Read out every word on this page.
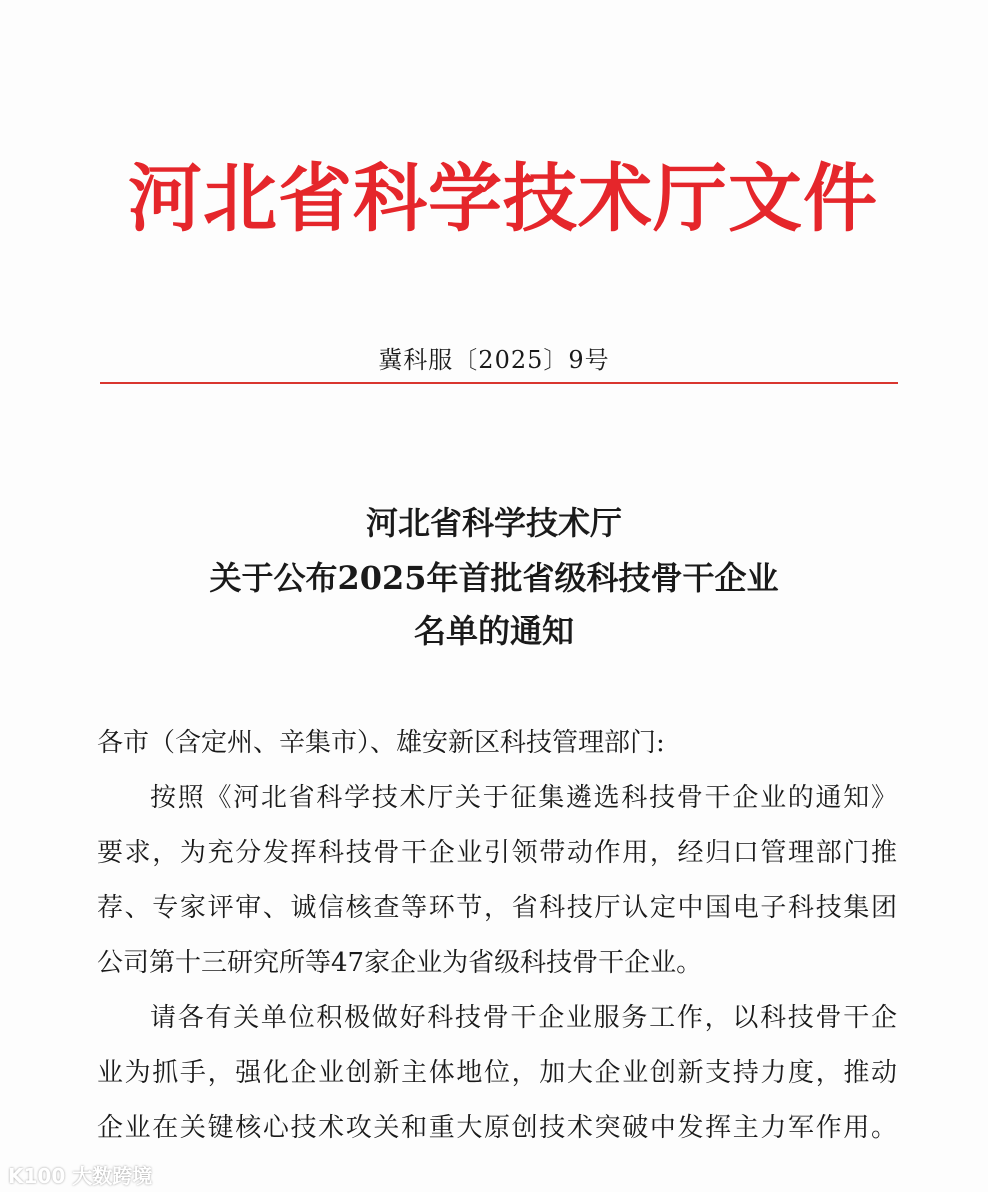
河北省科学技术厅文件
冀科服〔2025〕9号
河北省科学技术厅
关于公布2025年首批省级科技骨干企业
名单的通知
各市（含定州、辛集市）、雄安新区科技管理部门:
按照《河北省科学技术厅关于征集遴选科技骨干企业的通知》
要求，为充分发挥科技骨干企业引领带动作用，经归口管理部门推
荐、专家评审、诚信核查等环节，省科技厅认定中国电子科技集团
公司第十三研究所等47家企业为省级科技骨干企业。
请各有关单位积极做好科技骨干企业服务工作，以科技骨干企
业为抓手，强化企业创新主体地位，加大企业创新支持力度，推动
企业在关键核心技术攻关和重大原创技术突破中发挥主力军作用。
K100 大数跨境
